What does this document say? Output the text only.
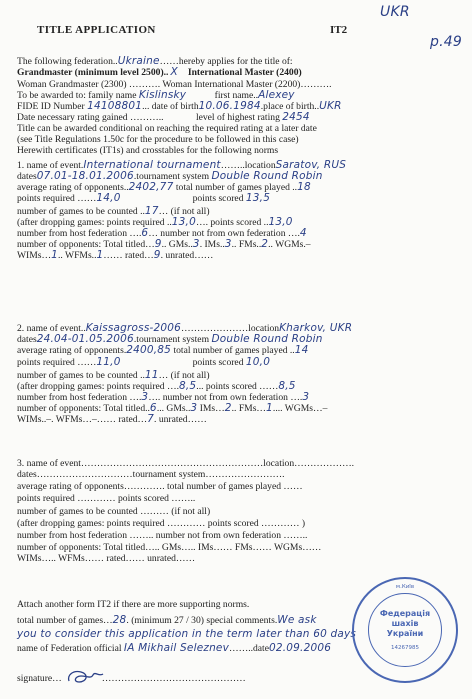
UKR
p.49
TITLE APPLICATION	IT2
The following federation..Ukraine……hereby applies for the title of:
Grandmaster (minimum level 2500).. X International Master (2400)
Woman Grandmaster (2300) ………. Woman International Master (2200)……….
To be awarded to: family name Kislinsky	first name..Alexey
FIDE ID Number 14108801... date of birth10.06.1984.place of birth..UKR
Date necessary rating gained ………..	level of highest rating 2454
Title can be awarded conditional on reaching the required rating at a later date
(see Title Regulations 1.50c for the procedure to be followed in this case)
Herewith certificates (IT1s) and crosstables for the following norms
1. name of event.International tournament……..locationSaratov, RUS
dates07.01-18.01.2006.tournament system Double Round Robin
average rating of opponents..2402,77 total number of games played ..18
points required ……14,0	points scored 13,5
number of games to be counted ..17… (if not all)
(after dropping games: points required ..13,0…. points scored ..13,0
number from host federation ….6… number not from own federation ….4
number of opponents: Total titled…9.. GMs..3. IMs..3.. FMs..2.. WGMs.–
WIMs…1.. WFMs..1…… rated…9. unrated……
2. name of event..Kaissagross-2006…………………locationKharkov, UKR
dates24.04-01.05.2006.tournament system Double Round Robin
average rating of opponents.2400,85 total number of games played ..14
points required ……11,0	points scored 10,0
number of games to be counted ..11… (if not all)
(after dropping games: points required ….8,5... points scored ……8,5
number from host federation ….3…. number not from own federation ….3
number of opponents: Total titled..6... GMs..3 IMs…2.. FMs…1.... WGMs…–
WIMs..–. WFMs…–…… rated…7. unrated……
3. name of event…………………………………………………location……………….
dates…………………………tournament system…………………….
average rating of opponents…………. total number of games played ……
points required ………… points scored ……..
number of games to be counted ……… (if not all)
(after dropping games: points required ………… points scored ………… )
number from host federation …….. number not from own federation ……..
number of opponents: Total titled….. GMs….. IMs…… FMs…… WGMs……
WIMs….. WFMs…… rated…… unrated……
Attach another form IT2 if there are more supporting norms.
total number of games…28. (minimum 27 / 30) special comments.We ask
you to consider this application in the term later than 60 days
name of Federation official IA Mikhail Seleznev……..date02.09.2006
signature…	………………………………………
м.Київ
Федерація
шахів
України
14267985
